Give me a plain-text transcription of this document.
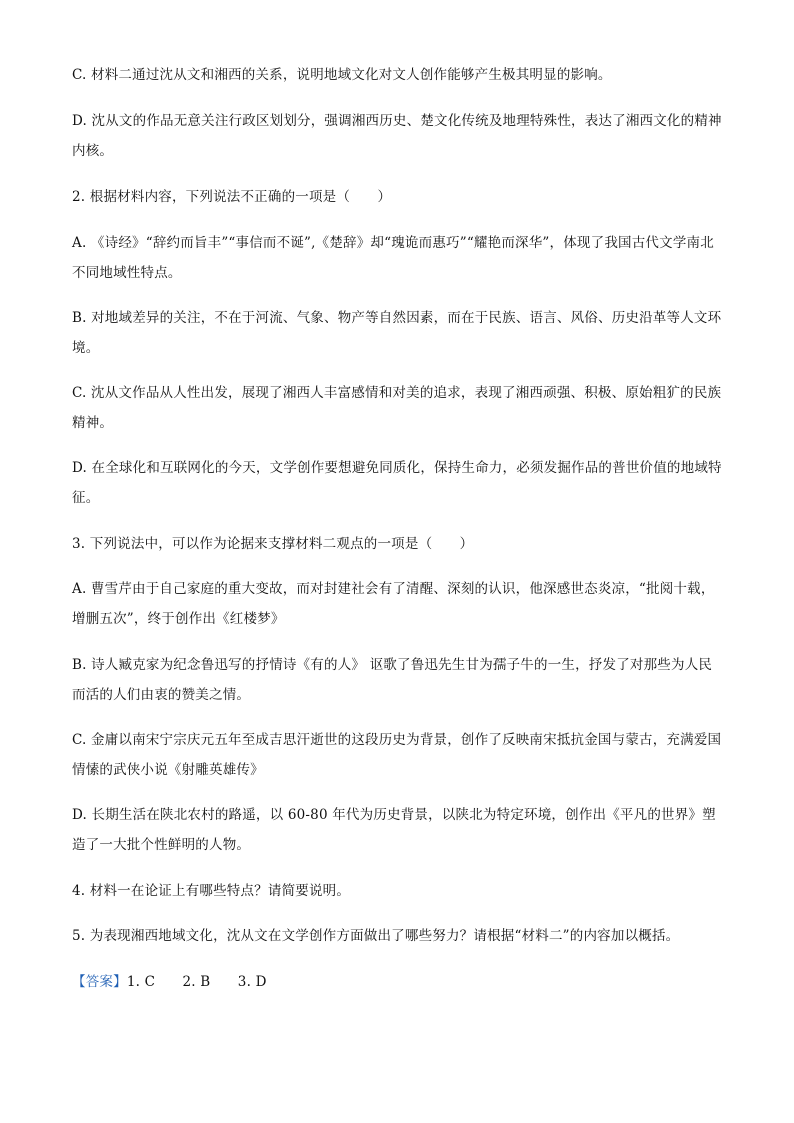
C. 材料二通过沈从文和湘西的关系，说明地域文化对文人创作能够产生极其明显的影响。

D. 沈从文的作品无意关注行政区划划分，强调湘西历史、楚文化传统及地理特殊性，表达了湘西文化的精神内核。

2. 根据材料内容，下列说法不正确的一项是（　　）

A. 《诗经》“辞约而旨丰”“事信而不诞”,《楚辞》却“瑰诡而惠巧”“耀艳而深华”，体现了我国古代文学南北不同地域性特点。

B. 对地域差异的关注，不在于河流、气象、物产等自然因素，而在于民族、语言、风俗、历史沿革等人文环境。

C. 沈从文作品从人性出发，展现了湘西人丰富感情和对美的追求，表现了湘西顽强、积极、原始粗犷的民族精神。

D. 在全球化和互联网化的今天，文学创作要想避免同质化，保持生命力，必须发掘作品的普世价值的地域特征。

3. 下列说法中，可以作为论据来支撑材料二观点的一项是（　　）

A. 曹雪芹由于自己家庭的重大变故，而对封建社会有了清醒、深刻的认识，他深感世态炎凉，“批阅十载，增删五次”，终于创作出《红楼梦》

B. 诗人臧克家为纪念鲁迅写的抒情诗《有的人》 讴歌了鲁迅先生甘为孺子牛的一生，抒发了对那些为人民而活的人们由衷的赞美之情。

C. 金庸以南宋宁宗庆元五年至成吉思汗逝世的这段历史为背景，创作了反映南宋抵抗金国与蒙古，充满爱国情愫的武侠小说《射雕英雄传》

D. 长期生活在陕北农村的路遥，以 60-80 年代为历史背景，以陕北为特定环境，创作出《平凡的世界》塑造了一大批个性鲜明的人物。

4. 材料一在论证上有哪些特点？请简要说明。

5. 为表现湘西地域文化，沈从文在文学创作方面做出了哪些努力？请根据“材料二”的内容加以概括。

【答案】1. C　　2. B　　3. D
